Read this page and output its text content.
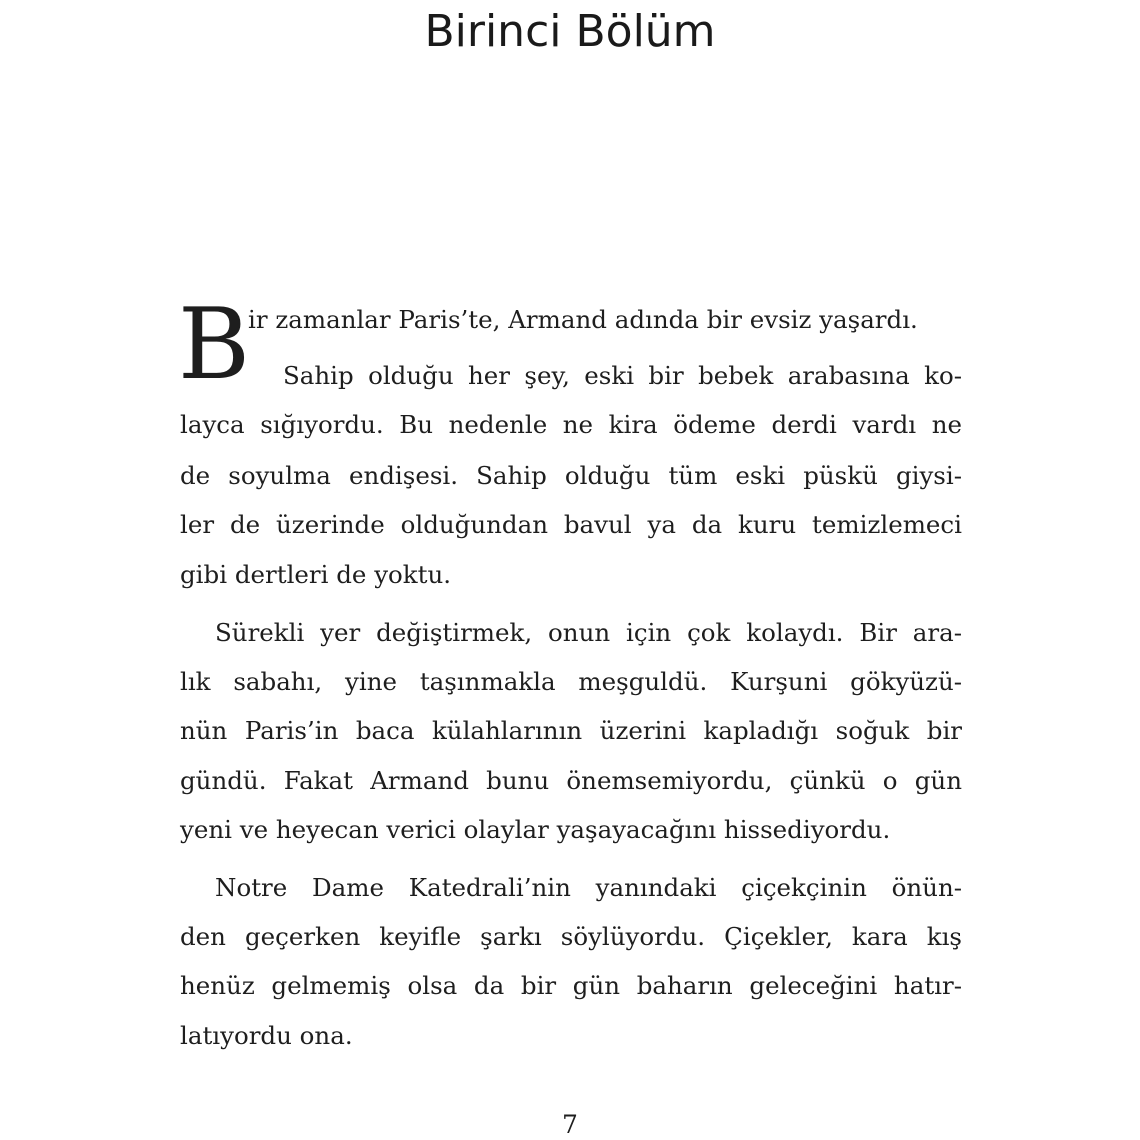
Birinci Bölüm
B
ir zamanlar Paris’te, Armand adında bir evsiz yaşardı.
Sahip olduğu her şey, eski bir bebek arabasına ko-
layca sığıyordu. Bu nedenle ne kira ödeme derdi vardı ne
de soyulma endişesi. Sahip olduğu tüm eski püskü giysi-
ler de üzerinde olduğundan bavul ya da kuru temizlemeci
gibi dertleri de yoktu.
Sürekli yer değiştirmek, onun için çok kolaydı. Bir ara-
lık sabahı, yine taşınmakla meşguldü. Kurşuni gökyüzü-
nün Paris’in baca külahlarının üzerini kapladığı soğuk bir
gündü. Fakat Armand bunu önemsemiyordu, çünkü o gün
yeni ve heyecan verici olaylar yaşayacağını hissediyordu.
Notre Dame Katedrali’nin yanındaki çiçekçinin önün-
den geçerken keyifle şarkı söylüyordu. Çiçekler, kara kış
henüz gelmemiş olsa da bir gün baharın geleceğini hatır-
latıyordu ona.
7
